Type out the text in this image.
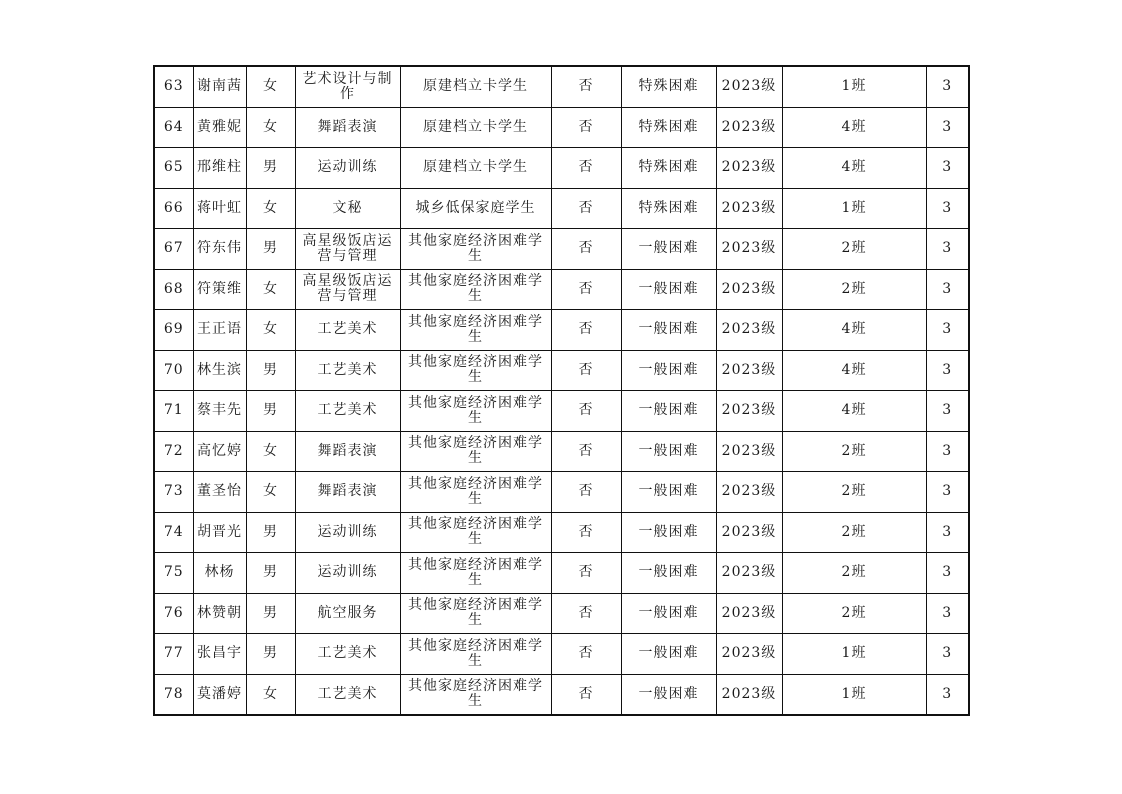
63	谢南茜	女	艺术设计与制作	原建档立卡学生	否	特殊困难	2023级	1班	3
64	黄雅妮	女	舞蹈表演	原建档立卡学生	否	特殊困难	2023级	4班	3
65	邢维柱	男	运动训练	原建档立卡学生	否	特殊困难	2023级	4班	3
66	蒋叶虹	女	文秘	城乡低保家庭学生	否	特殊困难	2023级	1班	3
67	符东伟	男	高星级饭店运营与管理	其他家庭经济困难学生	否	一般困难	2023级	2班	3
68	符策维	女	高星级饭店运营与管理	其他家庭经济困难学生	否	一般困难	2023级	2班	3
69	王正语	女	工艺美术	其他家庭经济困难学生	否	一般困难	2023级	4班	3
70	林生滨	男	工艺美术	其他家庭经济困难学生	否	一般困难	2023级	4班	3
71	蔡丰先	男	工艺美术	其他家庭经济困难学生	否	一般困难	2023级	4班	3
72	高忆婷	女	舞蹈表演	其他家庭经济困难学生	否	一般困难	2023级	2班	3
73	董圣怡	女	舞蹈表演	其他家庭经济困难学生	否	一般困难	2023级	2班	3
74	胡晋光	男	运动训练	其他家庭经济困难学生	否	一般困难	2023级	2班	3
75	林杨	男	运动训练	其他家庭经济困难学生	否	一般困难	2023级	2班	3
76	林赞朝	男	航空服务	其他家庭经济困难学生	否	一般困难	2023级	2班	3
77	张昌宇	男	工艺美术	其他家庭经济困难学生	否	一般困难	2023级	1班	3
78	莫潘婷	女	工艺美术	其他家庭经济困难学生	否	一般困难	2023级	1班	3
